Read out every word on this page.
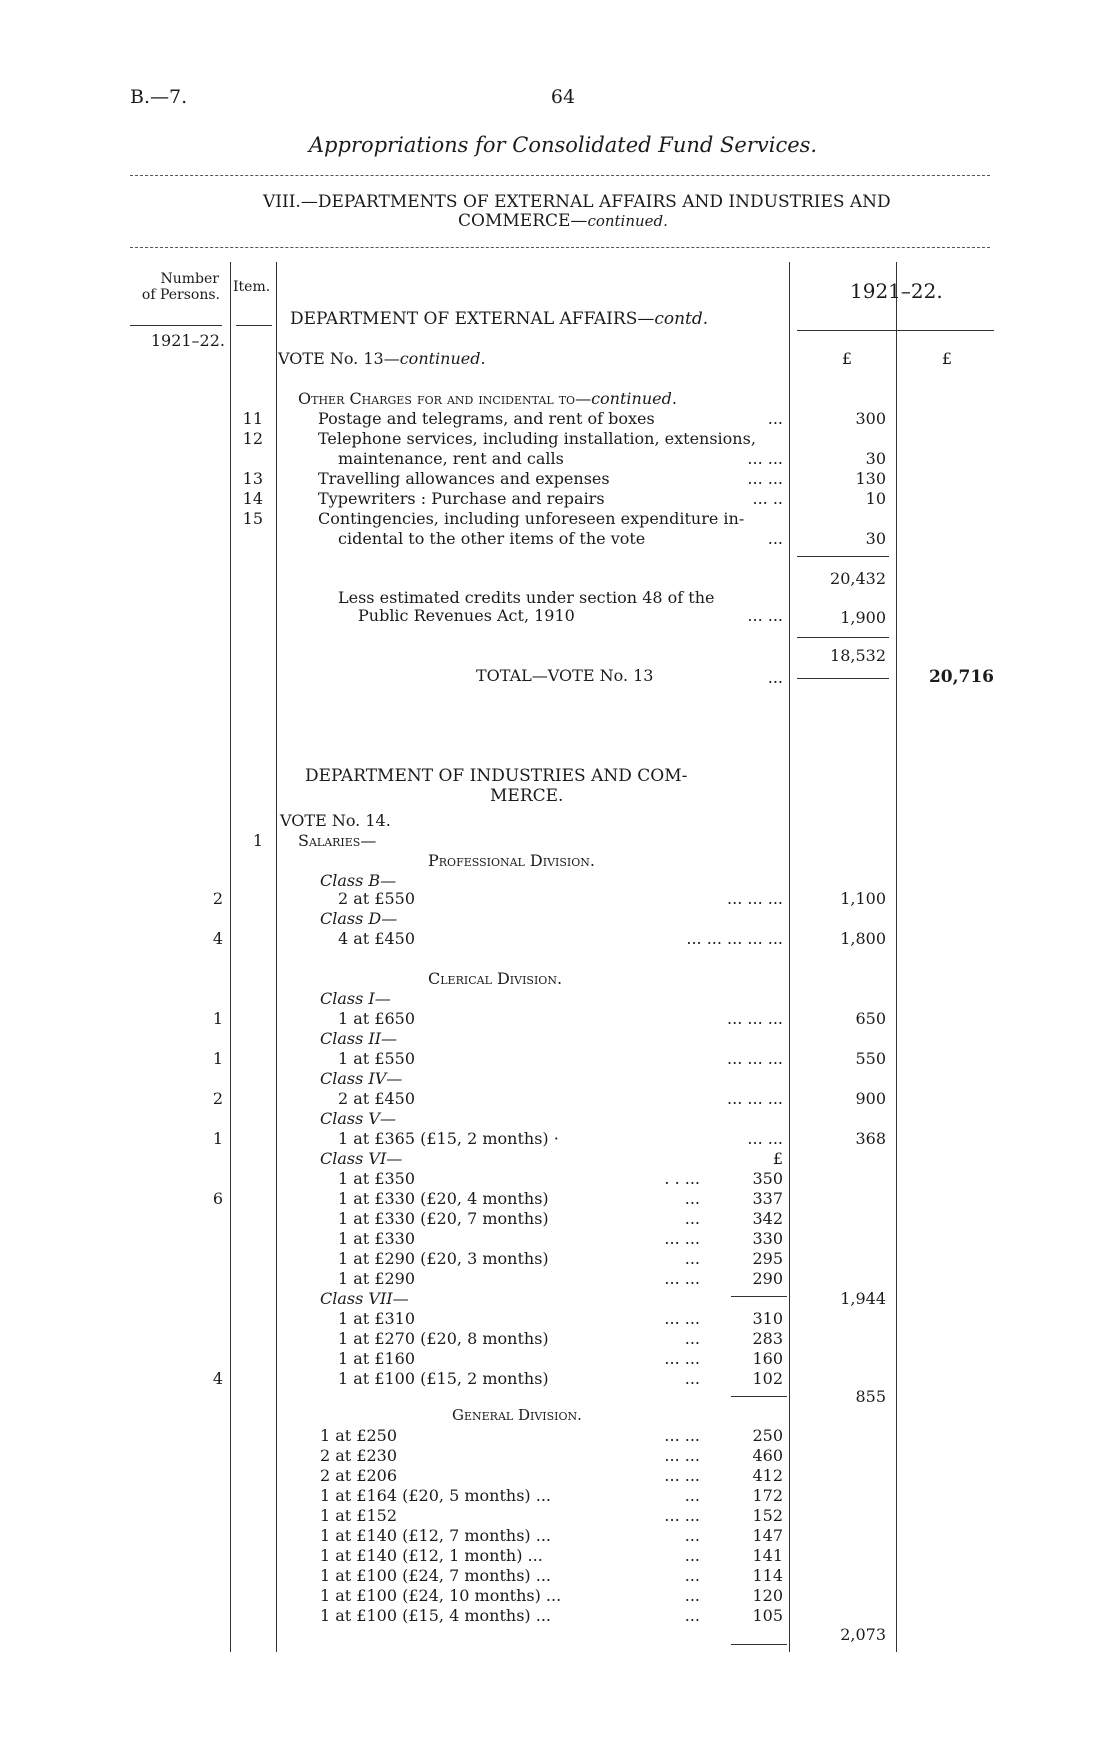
B.—7.	64
Appropriations for Consolidated Fund Services.
VIII.—DEPARTMENTS OF EXTERNAL AFFAIRS AND INDUSTRIES AND
COMMERCE—continued.
Number
of Persons. Item.	1921–22.
1921–22.
DEPARTMENT OF EXTERNAL AFFAIRS—contd.
VOTE No. 13—continued.	£	£
Other Charges for and incidental to—continued.
11	Postage and telegrams, and rent of boxes	...	300
12	Telephone services, including installation, extensions,
maintenance, rent and calls	... ...	30
13	Travelling allowances and expenses	... ...	130
14	Typewriters : Purchase and repairs	... ..	10
15	Contingencies, including unforeseen expenditure in-
cidental to the other items of the vote	...	30
20,432
Less estimated credits under section 48 of the
Public Revenues Act, 1910	... ...	1,900
18,532
TOTAL—VOTE No. 13	...	20,716
DEPARTMENT OF INDUSTRIES AND COM-
MERCE.
VOTE No. 14.
1 Salaries—
Professional Division.
Class B—
2	2 at £550	... ... ...	1,100
Class D—
4	4 at £450	... ... ... ... ...	1,800
Clerical Division.
Class I—
1	1 at £650	... ... ...	650
Class II—
1	1 at £550	... ... ...	550
Class IV—
2	2 at £450	... ... ...	900
Class V—
1	1 at £365 (£15, 2 months) ·	... ...	368
Class VI—	£
6
1 at £350	. . ...	350
1 at £330 (£20, 4 months)	...	337
1 at £330 (£20, 7 months)	...	342
1 at £330	... ...	330
1 at £290 (£20, 3 months)	...	295
1 at £290	... ...	290
1,944
Class VII—
4
1 at £310	... ...	310
1 at £270 (£20, 8 months)	...	283
1 at £160	... ...	160
1 at £100 (£15, 2 months)	...	102
855
General Division.
1 at £250	... ...	250
2 at £230	... ...	460
2 at £206	... ...	412
1 at £164 (£20, 5 months) ...	...	172
1 at £152	... ...	152
1 at £140 (£12, 7 months) ...	...	147
1 at £140 (£12, 1 month) ...	...	141
1 at £100 (£24, 7 months) ...	...	114
1 at £100 (£24, 10 months) ...	...	120
1 at £100 (£15, 4 months) ...	...	105
2,073
